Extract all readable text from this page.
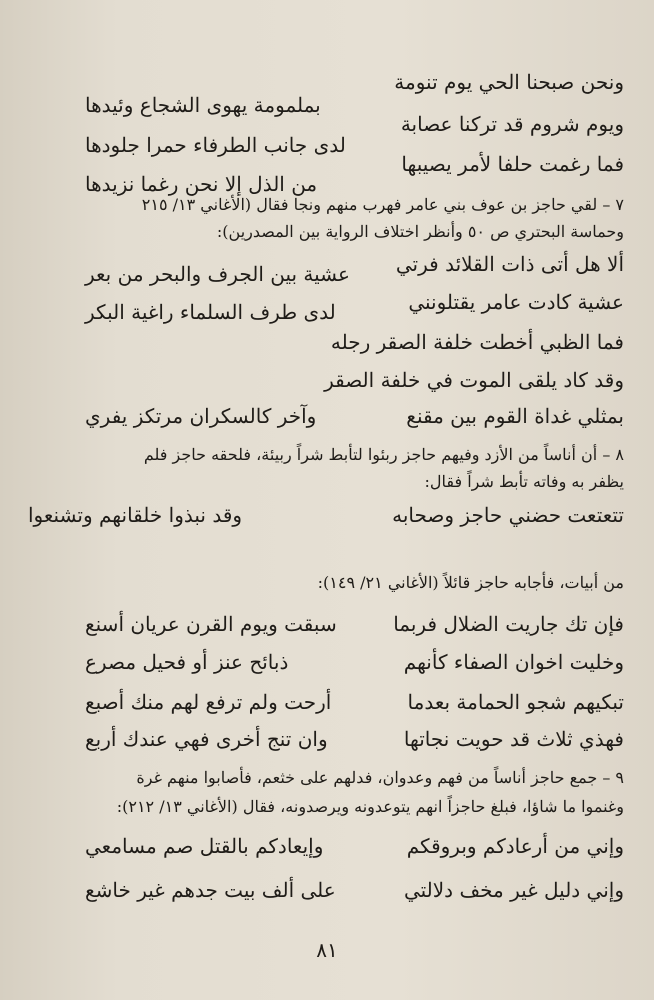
ونحن صبحنا الحي يوم تنومة
بملمومة يهوى الشجاع وئيدها
ويوم شروم قد تركنا عصابة
لدى جانب الطرفاء حمرا جلودها
فما رغمت حلفا لأمر يصيبها
من الذل إلا نحن رغما نزيدها
٧ – لقي حاجز بن عوف بني عامر فهرب منهم ونجا فقال (الأغاني ١٣/ ٢١٥
وحماسة البحتري ص ٥٠ وأنظر اختلاف الرواية بين المصدرين):
ألا هل أتى ذات القلائد فرتي
عشية بين الجرف والبحر من بعر
عشية كادت عامر يقتلونني
لدى طرف السلماء راغية البكر
فما الظبي أخطت خلفة الصقر رجله
وقد كاد يلقى الموت في خلفة الصقر
بمثلي غداة القوم بين مقنع
وآخر كالسكران مرتكز يفري
٨ – أن أناساً من الأزد وفيهم حاجز ربئوا لتأبط شراً ربيئة، فلحقه حاجز فلم
يظفر به وفاته تأبط شراً فقال:
تتعتعت حضني حاجز وصحابه
وقد نبذوا خلقانهم وتشنعوا
من أبيات، فأجابه حاجز قائلاً (الأغاني ٢١/ ١٤٩):
فإن تك جاريت الضلال فربما
سبقت ويوم القرن عريان أسنع
وخليت اخوان الصفاء كأنهم
ذبائح عنز أو فحيل مصرع
تبكيهم شجو الحمامة بعدما
أرحت ولم ترفع لهم منك أصبع
فهذي ثلاث قد حويت نجاتها
وان تنج أخرى فهي عندك أربع
٩ – جمع حاجز أناساً من فهم وعدوان، فدلهم على خثعم، فأصابوا منهم غرة
وغنموا ما شاؤا، فبلغ حاجزاً انهم يتوعدونه ويرصدونه، فقال (الأغاني ١٣/ ٢١٢):
وإني من أرعادكم وبروقكم
وإيعادكم بالقتل صم مسامعي
وإني دليل غير مخف دلالتي
على ألف بيت جدهم غير خاشع
٨١
